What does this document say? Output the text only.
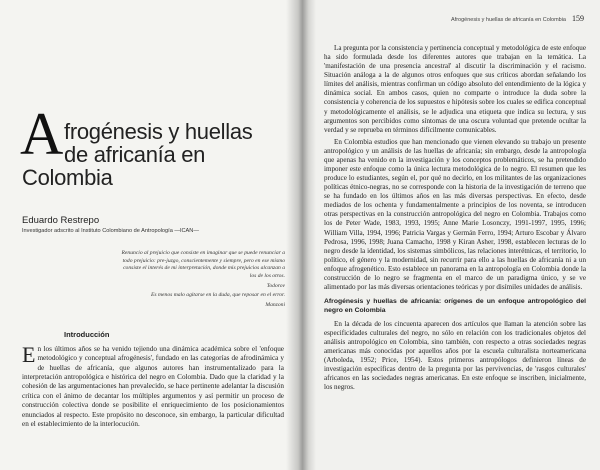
Afrogénesis y huellas
de africanía en Colombia

Eduardo Restrepo

Investigador adscrito al Instituto Colombiano de Antropología —ICAN—

Renuncio al prejuicio que consiste en imaginar que se puede renunciar a todo prejuicio: pre-juzgo, conscientemente y siempre, pero en ese mismo consiste el interés de mi interpretación, donde mis prejuicios alcanzan a los de los otros.

Todorov

Es menos malo agitarse en la duda, que reposar en el error.

Manzoni
Introducción

En los últimos años se ha venido tejiendo una dinámica académica sobre el 'enfoque metodológico y conceptual afrogénesis', fundado en las categorías de afrodinámica y de huellas de africanía, que algunos autores han instrumentalizado para la interpretación antropológica e histórica del negro en Colombia. Dado que la claridad y la cohesión de las argumentaciones han prevalecido, se hace pertinente adelantar la discusión crítica con el ánimo de decantar los múltiples argumentos y así permitir un proceso de construcción colectiva donde se posibilite el enriquecimiento de los posicionamientos enunciados al respecto. Este propósito no desconoce, sin embargo, la particular dificultad en el establecimiento de la interlocución.

Afrogénesis y huellas de africanía en Colombia 159

La pregunta por la consistencia y pertinencia conceptual y metodológica de este enfoque ha sido formulada desde los diferentes autores que trabajan en la temática. La 'manifestación de una presencia ancestral' al discutir la discriminación y el racismo. Situación análoga a la de algunos otros enfoques que sus críticos abordan señalando los límites del análisis, mientras confirman un código absoluto del entendimiento de la lógica y dinámica social. En ambos casos, quien no comparte o introduce la duda sobre la consistencia y coherencia de los supuestos e hipótesis sobre los cuales se edifica conceptual y metodológicamente el análisis, se le adjudica una etiqueta que indica su lectura, y sus argumentos son percibidos como síntomas de una oscura voluntad que pretende ocultar la verdad y se reprueba en términos difícilmente comunicables.

En Colombia estudios que han mencionado que vienen elevando su trabajo un presente antropológico y un análisis de las huellas de africanía; sin embargo, desde la antropología que apenas ha venido en la investigación y los conceptos problemáticos, se ha pretendido imponer este enfoque como la única lectura metodológica de lo negro. El resumen que les produce lo estudiantes, según el, por qué no decirlo, en los militantes de las organizaciones políticas étnico-negras, no se corresponde con la historia de la investigación de terreno que se ha fundado en los últimos años en las más diversas perspectivas. En efecto, desde mediados de los ochenta y fundamentalmente a principios de los noventa, se introducen otras perspectivas en la construcción antropológica del negro en Colombia. Trabajos como los de Peter Wade, 1983, 1993, 1995; Anne Marie Losonczy, 1991-1997, 1995, 1996; William Villa, 1994, 1996; Patricia Vargas y Germán Ferro, 1994; Arturo Escobar y Álvaro Pedrosa, 1996, 1998; Juana Camacho, 1998 y Kiran Asher, 1998, establecen lecturas de lo negro desde la identidad, los sistemas simbólicos, las relaciones interétnicas, el territorio, lo político, el género y la modernidad, sin recurrir para ello a las huellas de africanía ni a un enfoque afrogenético. Esto establece un panorama en la antropología en Colombia donde la construcción de lo negro se fragmenta en el marco de un paradigma único, y se ve alimentado por las más diversas orientaciones teóricas y por disímiles unidades de análisis.

Afrogénesis y huellas de africanía: orígenes de un enfoque antropológico del negro en Colombia

En la década de los cincuenta aparecen dos artículos que llaman la atención sobre las especificidades culturales del negro, no sólo en relación con los tradicionales objetos del análisis antropológico en Colombia, sino también, con respecto a otras sociedades negras americanas más conocidas por aquellos años por la escuela culturalista norteamericana (Arboleda, 1952; Price, 1954). Estos primeros antropólogos definieron líneas de investigación específicas dentro de la pregunta por las pervivencias, de 'rasgos culturales' africanos en las sociedades negras americanas. En este enfoque se inscriben, inicialmente, los negros.
